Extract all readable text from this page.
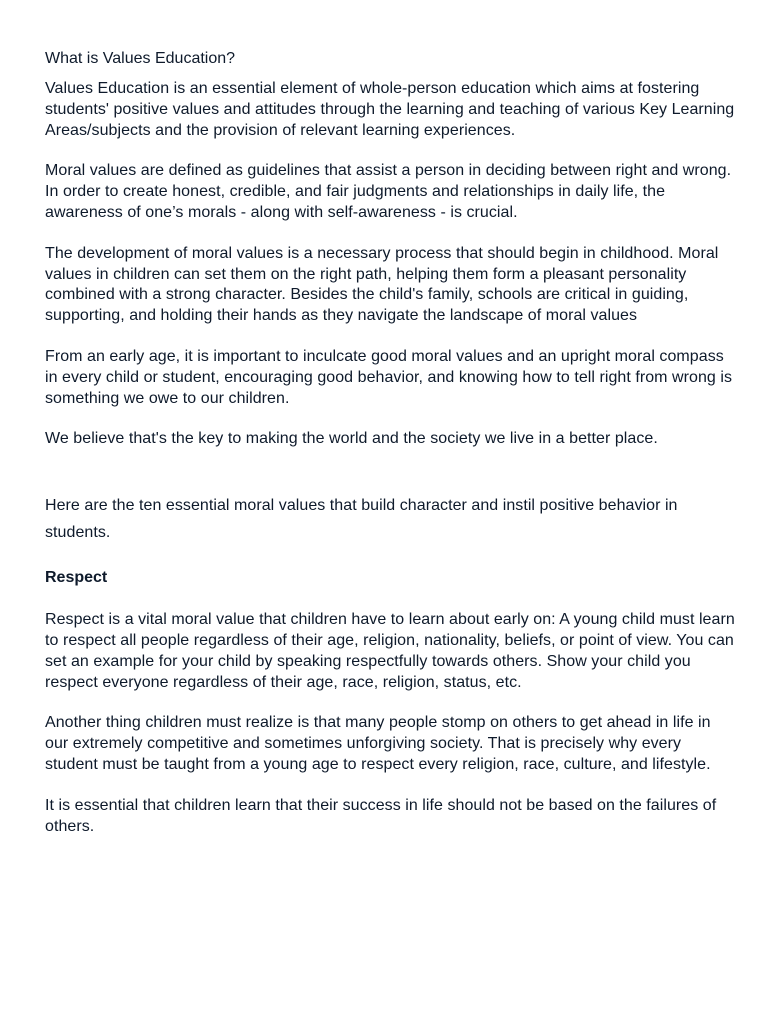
What is Values Education?

Values Education is an essential element of whole-person education which aims at fostering students' positive values and attitudes through the learning and teaching of various Key Learning Areas/subjects and the provision of relevant learning experiences.

Moral values are defined as guidelines that assist a person in deciding between right and wrong. In order to create honest, credible, and fair judgments and relationships in daily life, the awareness of one’s morals - along with self-awareness - is crucial.

The development of moral values is a necessary process that should begin in childhood. Moral values in children can set them on the right path, helping them form a pleasant personality combined with a strong character. Besides the child's family, schools are critical in guiding, supporting, and holding their hands as they navigate the landscape of moral values

From an early age, it is important to inculcate good moral values and an upright moral compass in every child or student, encouraging good behavior, and knowing how to tell right from wrong is something we owe to our children.

We believe that's the key to making the world and the society we live in a better place.

Here are the ten essential moral values that build character and instil positive behavior in students.

Respect

Respect is a vital moral value that children have to learn about early on: A young child must learn to respect all people regardless of their age, religion, nationality, beliefs, or point of view. You can set an example for your child by speaking respectfully towards others. Show your child you respect everyone regardless of their age, race, religion, status, etc.

Another thing children must realize is that many people stomp on others to get ahead in life in our extremely competitive and sometimes unforgiving society. That is precisely why every student must be taught from a young age to respect every religion, race, culture, and lifestyle.

It is essential that children learn that their success in life should not be based on the failures of others.
